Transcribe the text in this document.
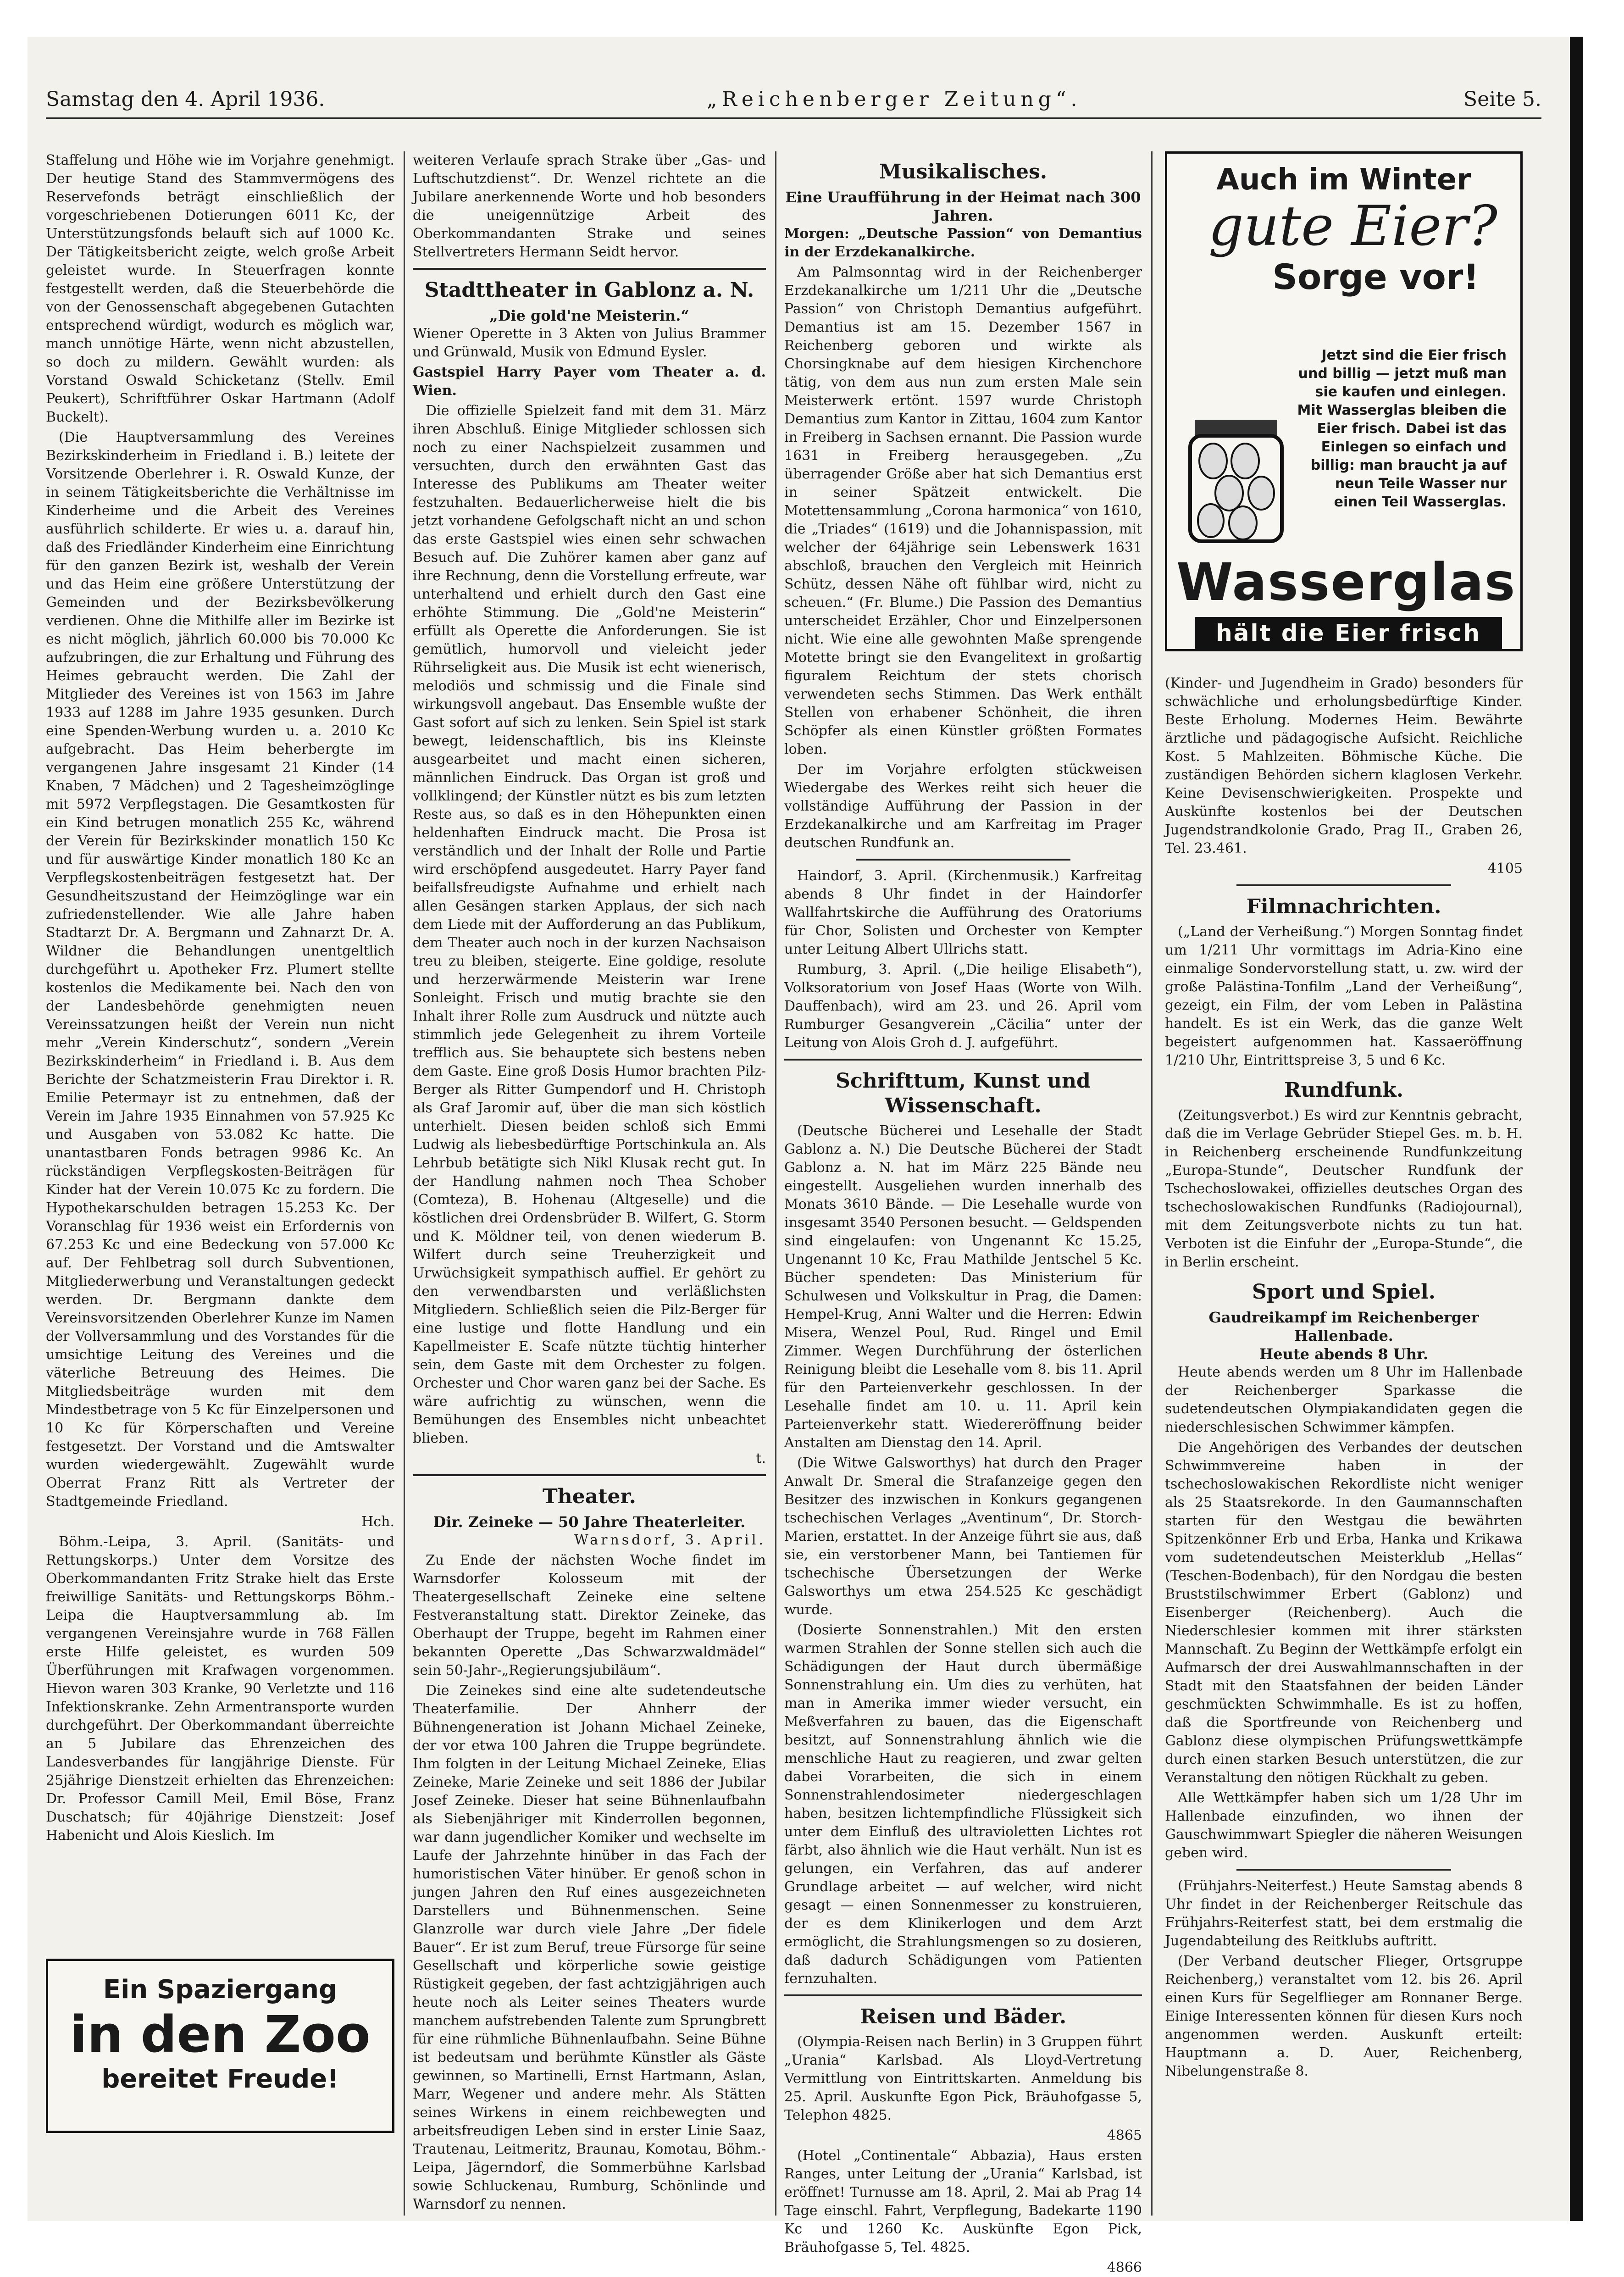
Samstag den 4. April 1936.	„Reichenberger Zeitung“.	Seite 5.

Staffelung und Höhe wie im Vorjahre genehmigt. Der heutige Stand des Stammvermögens des Reservefonds beträgt einschließlich der vorgeschriebenen Dotierungen 6011 Kc, der Unterstützungsfonds belauft sich auf 1000 Kc. Der Tätigkeitsbericht zeigte, welch große Arbeit geleistet wurde. In Steuerfragen konnte festgestellt werden, daß die Steuerbehörde die von der Genossenschaft abgegebenen Gutachten entsprechend würdigt, wodurch es möglich war, manch unnötige Härte, wenn nicht abzustellen, so doch zu mildern. Gewählt wurden: als Vorstand Oswald Schicketanz (Stellv. Emil Peukert), Schriftführer Oskar Hartmann (Adolf Buckelt).

(Die Hauptversammlung des Vereines Bezirkskinderheim in Friedland i. B.) leitete der Vorsitzende Oberlehrer i. R. Oswald Kunze, der in seinem Tätigkeitsberichte die Verhältnisse im Kinderheime und die Arbeit des Vereines ausführlich schilderte. Er wies u. a. darauf hin, daß des Friedländer Kinderheim eine Einrichtung für den ganzen Bezirk ist, weshalb der Verein und das Heim eine größere Unterstützung der Gemeinden und der Bezirksbevölkerung verdienen. Ohne die Mithilfe aller im Bezirke ist es nicht möglich, jährlich 60.000 bis 70.000 Kc aufzubringen, die zur Erhaltung und Führung des Heimes gebraucht werden. Die Zahl der Mitglieder des Vereines ist von 1563 im Jahre 1933 auf 1288 im Jahre 1935 gesunken. Durch eine Spenden-Werbung wurden u. a. 2010 Kc aufgebracht. Das Heim beherbergte im vergangenen Jahre insgesamt 21 Kinder (14 Knaben, 7 Mädchen) und 2 Tagesheimzöglinge mit 5972 Verpflegstagen. Die Gesamtkosten für ein Kind betrugen monatlich 255 Kc, während der Verein für Bezirkskinder monatlich 150 Kc und für auswärtige Kinder monatlich 180 Kc an Verpflegskostenbeiträgen festgesetzt hat. Der Gesundheitszustand der Heimzöglinge war ein zufriedenstellender. Wie alle Jahre haben Stadtarzt Dr. A. Bergmann und Zahnarzt Dr. A. Wildner die Behandlungen unentgeltlich durchgeführt u. Apotheker Frz. Plumert stellte kostenlos die Medikamente bei. Nach den von der Landesbehörde genehmigten neuen Vereinssatzungen heißt der Verein nun nicht mehr „Verein Kinderschutz“, sondern „Verein Bezirkskinderheim“ in Friedland i. B. Aus dem Berichte der Schatzmeisterin Frau Direktor i. R. Emilie Petermayr ist zu entnehmen, daß der Verein im Jahre 1935 Einnahmen von 57.925 Kc und Ausgaben von 53.082 Kc hatte. Die unantastbaren Fonds betragen 9986 Kc. An rückständigen Verpflegskosten-Beiträgen für Kinder hat der Verein 10.075 Kc zu fordern. Die Hypothekarschulden betragen 15.253 Kc. Der Voranschlag für 1936 weist ein Erfordernis von 67.253 Kc und eine Bedeckung von 57.000 Kc auf. Der Fehlbetrag soll durch Subventionen, Mitgliederwerbung und Veranstaltungen gedeckt werden. Dr. Bergmann dankte dem Vereinsvorsitzenden Oberlehrer Kunze im Namen der Vollversammlung und des Vorstandes für die umsichtige Leitung des Vereines und die väterliche Betreuung des Heimes. Die Mitgliedsbeiträge wurden mit dem Mindestbetrage von 5 Kc für Einzelpersonen und 10 Kc für Körperschaften und Vereine festgesetzt. Der Vorstand und die Amtswalter wurden wiedergewählt. Zugewählt wurde Oberrat Franz Ritt als Vertreter der Stadtgemeinde Friedland.

Hch.

Böhm.-Leipa, 3. April. (Sanitäts- und Rettungskorps.) Unter dem Vorsitze des Oberkommandanten Fritz Strake hielt das Erste freiwillige Sanitäts- und Rettungskorps Böhm.-Leipa die Hauptversammlung ab. Im vergangenen Vereinsjahre wurde in 768 Fällen erste Hilfe geleistet, es wurden 509 Überführungen mit Krafwagen vorgenommen. Hievon waren 303 Kranke, 90 Verletzte und 116 Infektionskranke. Zehn Armentransporte wurden durchgeführt. Der Oberkommandant überreichte an 5 Jubilare das Ehrenzeichen des Landesverbandes für langjährige Dienste. Für 25jährige Dienstzeit erhielten das Ehrenzeichen: Dr. Professor Camill Meil, Emil Böse, Franz Duschatsch; für 40jährige Dienstzeit: Josef Habenicht und Alois Kieslich. Im

Ein Spaziergang
in den Zoo
bereitet Freude!

weiteren Verlaufe sprach Strake über „Gas- und Luftschutzdienst“. Dr. Wenzel richtete an die Jubilare anerkennende Worte und hob besonders die uneigennützige Arbeit des Oberkommandanten Strake und seines Stellvertreters Hermann Seidt hervor.

Stadttheater in Gablonz a. N.
„Die gold'ne Meisterin.“

Wiener Operette in 3 Akten von Julius Brammer und Grünwald, Musik von Edmund Eysler.

Gastspiel Harry Payer vom Theater a. d. Wien.

Die offizielle Spielzeit fand mit dem 31. März ihren Abschluß. Einige Mitglieder schlossen sich noch zu einer Nachspielzeit zusammen und versuchten, durch den erwähnten Gast das Interesse des Publikums am Theater weiter festzuhalten. Bedauerlicherweise hielt die bis jetzt vorhandene Gefolgschaft nicht an und schon das erste Gastspiel wies einen sehr schwachen Besuch auf. Die Zuhörer kamen aber ganz auf ihre Rechnung, denn die Vorstellung erfreute, war unterhaltend und erhielt durch den Gast eine erhöhte Stimmung. Die „Gold'ne Meisterin“ erfüllt als Operette die Anforderungen. Sie ist gemütlich, humorvoll und vieleicht jeder Rührseligkeit aus. Die Musik ist echt wienerisch, melodiös und schmissig und die Finale sind wirkungsvoll angebaut. Das Ensemble wußte der Gast sofort auf sich zu lenken. Sein Spiel ist stark bewegt, leidenschaftlich, bis ins Kleinste ausgearbeitet und macht einen sicheren, männlichen Eindruck. Das Organ ist groß und vollklingend; der Künstler nützt es bis zum letzten Reste aus, so daß es in den Höhepunkten einen heldenhaften Eindruck macht. Die Prosa ist verständlich und der Inhalt der Rolle und Partie wird erschöpfend ausgedeutet. Harry Payer fand beifallsfreudigste Aufnahme und erhielt nach allen Gesängen starken Applaus, der sich nach dem Liede mit der Aufforderung an das Publikum, dem Theater auch noch in der kurzen Nachsaison treu zu bleiben, steigerte. Eine goldige, resolute und herzerwärmende Meisterin war Irene Sonleight. Frisch und mutig brachte sie den Inhalt ihrer Rolle zum Ausdruck und nützte auch stimmlich jede Gelegenheit zu ihrem Vorteile trefflich aus. Sie behauptete sich bestens neben dem Gaste. Eine groß Dosis Humor brachten Pilz-Berger als Ritter Gumpendorf und H. Christoph als Graf Jaromir auf, über die man sich köstlich unterhielt. Diesen beiden schloß sich Emmi Ludwig als liebesbedürftige Portschinkula an. Als Lehrbub betätigte sich Nikl Klusak recht gut. In der Handlung nahmen noch Thea Schober (Comteza), B. Hohenau (Altgeselle) und die köstlichen drei Ordensbrüder B. Wilfert, G. Storm und K. Möldner teil, von denen wiederum B. Wilfert durch seine Treuherzigkeit und Urwüchsigkeit sympathisch auffiel. Er gehört zu den verwendbarsten und verläßlichsten Mitgliedern. Schließlich seien die Pilz-Berger für eine lustige und flotte Handlung und ein Kapellmeister E. Scafe nützte tüchtig hinterher sein, dem Gaste mit dem Orchester zu folgen. Orchester und Chor waren ganz bei der Sache. Es wäre aufrichtig zu wünschen, wenn die Bemühungen des Ensembles nicht unbeachtet blieben.

t.

Theater.
Dir. Zeineke — 50 Jahre Theaterleiter.

Warnsdorf, 3. April.

Zu Ende der nächsten Woche findet im Warnsdorfer Kolosseum mit der Theatergesellschaft Zeineke eine seltene Festveranstaltung statt. Direktor Zeineke, das Oberhaupt der Truppe, begeht im Rahmen einer bekannten Operette „Das Schwarzwaldmädel“ sein 50-Jahr-„Regierungsjubiläum“.

Die Zeinekes sind eine alte sudetendeutsche Theaterfamilie. Der Ahnherr der Bühnengeneration ist Johann Michael Zeineke, der vor etwa 100 Jahren die Truppe begründete. Ihm folgten in der Leitung Michael Zeineke, Elias Zeineke, Marie Zeineke und seit 1886 der Jubilar Josef Zeineke. Dieser hat seine Bühnenlaufbahn als Siebenjähriger mit Kinderrollen begonnen, war dann jugendlicher Komiker und wechselte im Laufe der Jahrzehnte hinüber in das Fach der humoristischen Väter hinüber. Er genoß schon in jungen Jahren den Ruf eines ausgezeichneten Darstellers und Bühnenmenschen. Seine Glanzrolle war durch viele Jahre „Der fidele Bauer“. Er ist zum Beruf, treue Fürsorge für seine Gesellschaft und körperliche sowie geistige Rüstigkeit gegeben, der fast achtzigjährigen auch heute noch als Leiter seines Theaters wurde manchem aufstrebenden Talente zum Sprungbrett für eine rühmliche Bühnenlaufbahn. Seine Bühne ist bedeutsam und berühmte Künstler als Gäste gewinnen, so Martinelli, Ernst Hartmann, Aslan, Marr, Wegener und andere mehr. Als Stätten seines Wirkens in einem reichbewegten und arbeitsfreudigen Leben sind in erster Linie Saaz, Trautenau, Leitmeritz, Braunau, Komotau, Böhm.-Leipa, Jägerndorf, die Sommerbühne Karlsbad sowie Schluckenau, Rumburg, Schönlinde und Warnsdorf zu nennen.

Musikalisches.
Eine Uraufführung in der Heimat nach 300 Jahren.

Morgen: „Deutsche Passion“ von Demantius in der Erzdekanalkirche.

Am Palmsonntag wird in der Reichenberger Erzdekanalkirche um 1/211 Uhr die „Deutsche Passion“ von Christoph Demantius aufgeführt. Demantius ist am 15. Dezember 1567 in Reichenberg geboren und wirkte als Chorsingknabe auf dem hiesigen Kirchenchore tätig, von dem aus nun zum ersten Male sein Meisterwerk ertönt. 1597 wurde Christoph Demantius zum Kantor in Zittau, 1604 zum Kantor in Freiberg in Sachsen ernannt. Die Passion wurde 1631 in Freiberg herausgegeben. „Zu überragender Größe aber hat sich Demantius erst in seiner Spätzeit entwickelt. Die Motettensammlung „Corona harmonica“ von 1610, die „Triades“ (1619) und die Johannispassion, mit welcher der 64jährige sein Lebenswerk 1631 abschloß, brauchen den Vergleich mit Heinrich Schütz, dessen Nähe oft fühlbar wird, nicht zu scheuen.“ (Fr. Blume.) Die Passion des Demantius unterscheidet Erzähler, Chor und Einzelpersonen nicht. Wie eine alle gewohnten Maße sprengende Motette bringt sie den Evangelitext in großartig figuralem Reichtum der stets chorisch verwendeten sechs Stimmen. Das Werk enthält Stellen von erhabener Schönheit, die ihren Schöpfer als einen Künstler größten Formates loben.

Der im Vorjahre erfolgten stückweisen Wiedergabe des Werkes reiht sich heuer die vollständige Aufführung der Passion in der Erzdekanalkirche und am Karfreitag im Prager deutschen Rundfunk an.

Haindorf, 3. April. (Kirchenmusik.) Karfreitag abends 8 Uhr findet in der Haindorfer Wallfahrtskirche die Aufführung des Oratoriums für Chor, Solisten und Orchester von Kempter unter Leitung Albert Ullrichs statt.

Rumburg, 3. April. („Die heilige Elisabeth“), Volksoratorium von Josef Haas (Worte von Wilh. Dauffenbach), wird am 23. und 26. April vom Rumburger Gesangverein „Cäcilia“ unter der Leitung von Alois Groh d. J. aufgeführt.

Schrifttum, Kunst und Wissenschaft.

(Deutsche Bücherei und Lesehalle der Stadt Gablonz a. N.) Die Deutsche Bücherei der Stadt Gablonz a. N. hat im März 225 Bände neu eingestellt. Ausgeliehen wurden innerhalb des Monats 3610 Bände. — Die Lesehalle wurde von insgesamt 3540 Personen besucht. — Geldspenden sind eingelaufen: von Ungenannt Kc 15.25, Ungenannt 10 Kc, Frau Mathilde Jentschel 5 Kc. Bücher spendeten: Das Ministerium für Schulwesen und Volkskultur in Prag, die Damen: Hempel-Krug, Anni Walter und die Herren: Edwin Misera, Wenzel Poul, Rud. Ringel und Emil Zimmer. Wegen Durchführung der österlichen Reinigung bleibt die Lesehalle vom 8. bis 11. April für den Parteienverkehr geschlossen. In der Lesehalle findet am 10. u. 11. April kein Parteienverkehr statt. Wiedereröffnung beider Anstalten am Dienstag den 14. April.

(Die Witwe Galsworthys) hat durch den Prager Anwalt Dr. Smeral die Strafanzeige gegen den Besitzer des inzwischen in Konkurs gegangenen tschechischen Verlages „Aventinum“, Dr. Storch-Marien, erstattet. In der Anzeige führt sie aus, daß sie, ein verstorbener Mann, bei Tantiemen für tschechische Übersetzungen der Werke Galsworthys um etwa 254.525 Kc geschädigt wurde.

(Dosierte Sonnenstrahlen.) Mit den ersten warmen Strahlen der Sonne stellen sich auch die Schädigungen der Haut durch übermäßige Sonnenstrahlung ein. Um dies zu verhüten, hat man in Amerika immer wieder versucht, ein Meßverfahren zu bauen, das die Eigenschaft besitzt, auf Sonnenstrahlung ähnlich wie die menschliche Haut zu reagieren, und zwar gelten dabei Vorarbeiten, die sich in einem Sonnenstrahlendosimeter niedergeschlagen haben, besitzen lichtempfindliche Flüssigkeit sich unter dem Einfluß des ultravioletten Lichtes rot färbt, also ähnlich wie die Haut verhält. Nun ist es gelungen, ein Verfahren, das auf anderer Grundlage arbeitet — auf welcher, wird nicht gesagt — einen Sonnenmesser zu konstruieren, der es dem Klinikerlogen und dem Arzt ermöglicht, die Strahlungsmengen so zu dosieren, daß dadurch Schädigungen vom Patienten fernzuhalten.

Reisen und Bäder.

(Olympia-Reisen nach Berlin) in 3 Gruppen führt „Urania“ Karlsbad. Als Lloyd-Vertretung Vermittlung von Eintrittskarten. Anmeldung bis 25. April. Auskunfte Egon Pick, Bräuhofgasse 5, Telephon 4825.

4865

(Hotel „Continentale“ Abbazia), Haus ersten Ranges, unter Leitung der „Urania“ Karlsbad, ist eröffnet! Turnusse am 18. April, 2. Mai ab Prag 14 Tage einschl. Fahrt, Verpflegung, Badekarte 1190 Kc und 1260 Kc. Auskünfte Egon Pick, Bräuhofgasse 5, Tel. 4825.

4866

Auch im Winter
gute Eier?
Sorge vor!
Jetzt sind die Eier frisch und billig — jetzt muß man sie kaufen und einlegen. Mit Wasserglas bleiben die Eier frisch. Dabei ist das Einlegen so einfach und billig: man braucht ja auf neun Teile Wasser nur einen Teil Wasserglas.
Wasserglas
hält die Eier frisch

(Kinder- und Jugendheim in Grado) besonders für schwächliche und erholungsbedürftige Kinder. Beste Erholung. Modernes Heim. Bewährte ärztliche und pädagogische Aufsicht. Reichliche Kost. 5 Mahlzeiten. Böhmische Küche. Die zuständigen Behörden sichern klaglosen Verkehr. Keine Devisenschwierigkeiten. Prospekte und Auskünfte kostenlos bei der Deutschen Jugendstrandkolonie Grado, Prag II., Graben 26, Tel. 23.461.

4105

Filmnachrichten.

(„Land der Verheißung.“) Morgen Sonntag findet um 1/211 Uhr vormittags im Adria-Kino eine einmalige Sondervorstellung statt, u. zw. wird der große Palästina-Tonfilm „Land der Verheißung“, gezeigt, ein Film, der vom Leben in Palästina handelt. Es ist ein Werk, das die ganze Welt begeistert aufgenommen hat. Kassaeröffnung 1/210 Uhr, Eintrittspreise 3, 5 und 6 Kc.

Rundfunk.

(Zeitungsverbot.) Es wird zur Kenntnis gebracht, daß die im Verlage Gebrüder Stiepel Ges. m. b. H. in Reichenberg erscheinende Rundfunkzeitung „Europa-Stunde“, Deutscher Rundfunk der Tschechoslowakei, offizielles deutsches Organ des tschechoslowakischen Rundfunks (Radiojournal), mit dem Zeitungsverbote nichts zu tun hat. Verboten ist die Einfuhr der „Europa-Stunde“, die in Berlin erscheint.

Sport und Spiel.
Gaudreikampf im Reichenberger Hallenbade.
Heute abends 8 Uhr.

Heute abends werden um 8 Uhr im Hallenbade der Reichenberger Sparkasse die sudetendeutschen Olympiakandidaten gegen die niederschlesischen Schwimmer kämpfen.

Die Angehörigen des Verbandes der deutschen Schwimmvereine haben in der tschechoslowakischen Rekordliste nicht weniger als 25 Staatsrekorde. In den Gaumannschaften starten für den Westgau die bewährten Spitzenkönner Erb und Erba, Hanka und Krikawa vom sudetendeutschen Meisterklub „Hellas“ (Teschen-Bodenbach), für den Nordgau die besten Bruststilschwimmer Erbert (Gablonz) und Eisenberger (Reichenberg). Auch die Niederschlesier kommen mit ihrer stärksten Mannschaft. Zu Beginn der Wettkämpfe erfolgt ein Aufmarsch der drei Auswahlmannschaften in der Stadt mit den Staatsfahnen der beiden Länder geschmückten Schwimmhalle. Es ist zu hoffen, daß die Sportfreunde von Reichenberg und Gablonz diese olympischen Prüfungswettkämpfe durch einen starken Besuch unterstützen, die zur Veranstaltung den nötigen Rückhalt zu geben.

Alle Wettkämpfer haben sich um 1/28 Uhr im Hallenbade einzufinden, wo ihnen der Gauschwimmwart Spiegler die näheren Weisungen geben wird.

(Frühjahrs-Neiterfest.) Heute Samstag abends 8 Uhr findet in der Reichenberger Reitschule das Frühjahrs-Reiterfest statt, bei dem erstmalig die Jugendabteilung des Reitklubs auftritt.

(Der Verband deutscher Flieger, Ortsgruppe Reichenberg,) veranstaltet vom 12. bis 26. April einen Kurs für Segelflieger am Ronnaner Berge. Einige Interessenten können für diesen Kurs noch angenommen werden. Auskunft erteilt: Hauptmann a. D. Auer, Reichenberg, Nibelungenstraße 8.
